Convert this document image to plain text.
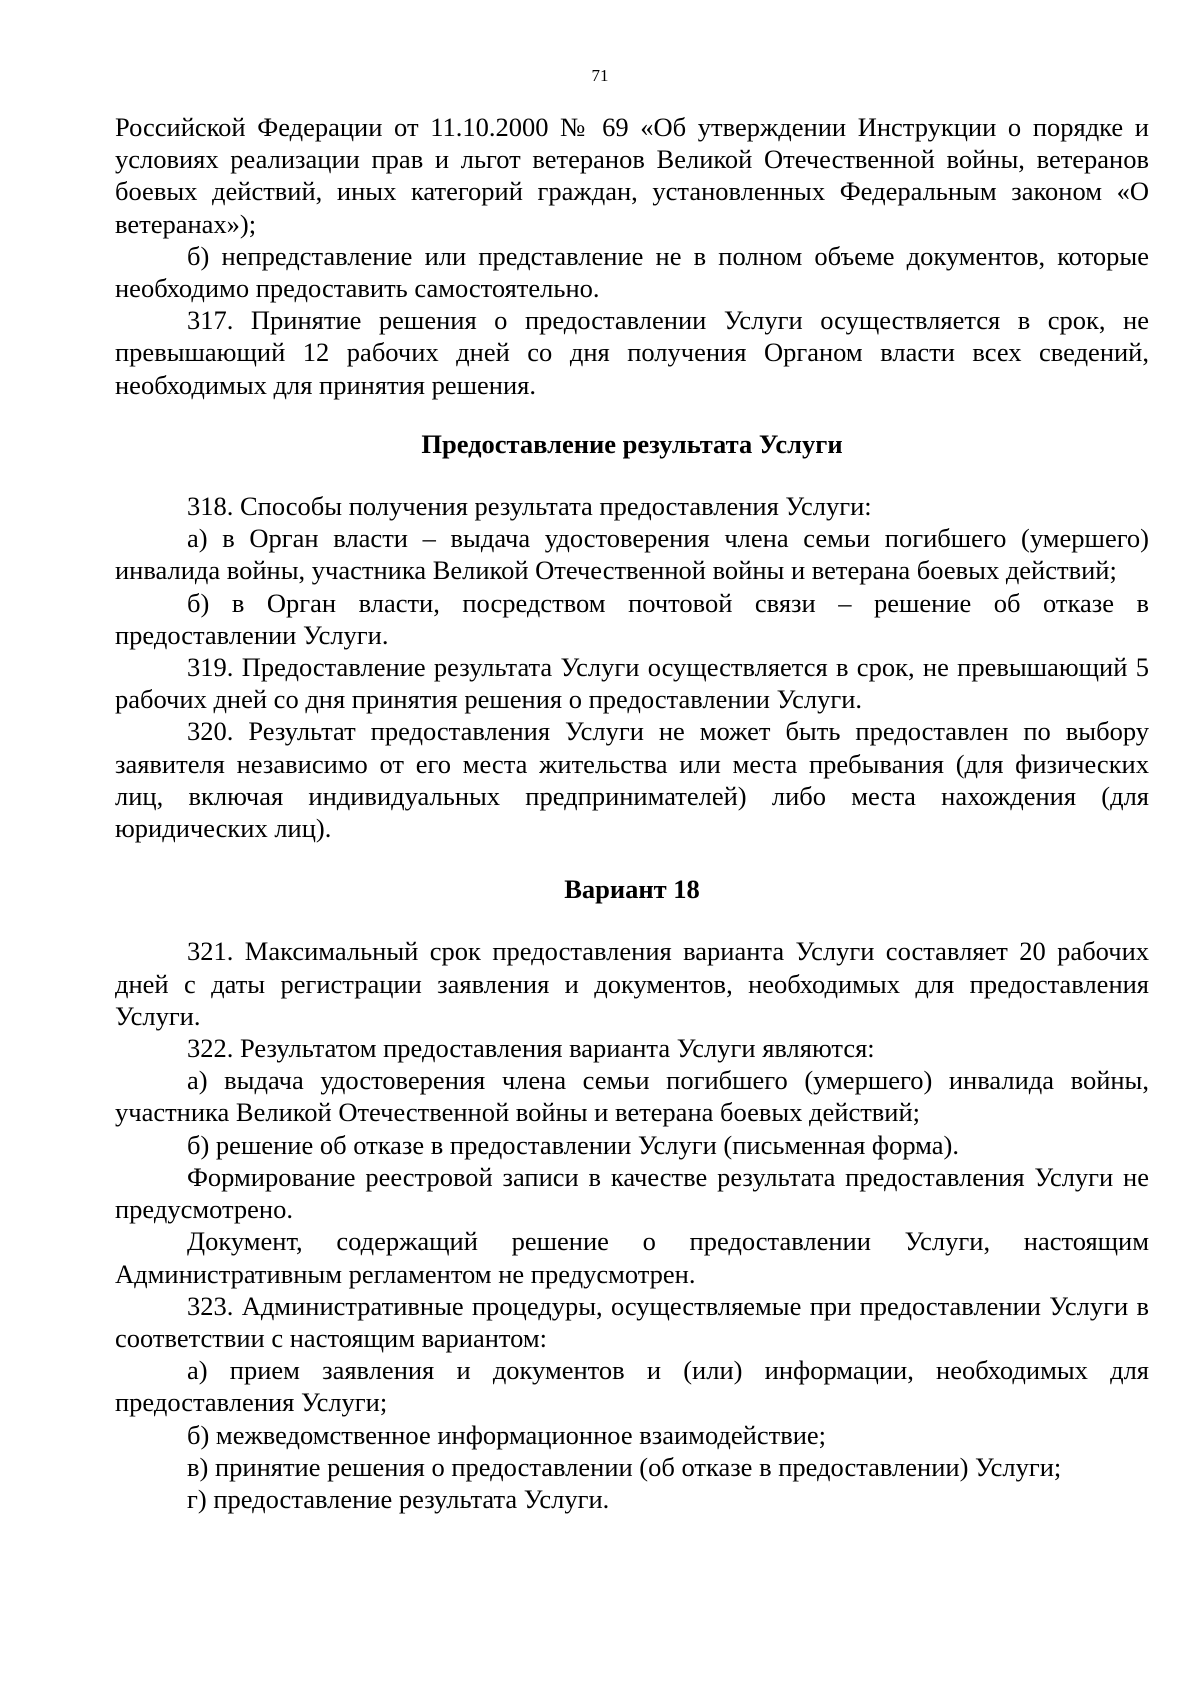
71

Российской Федерации от 11.10.2000 № 69 «Об утверждении Инструкции о порядке и условиях реализации прав и льгот ветеранов Великой Отечественной войны, ветеранов боевых действий, иных категорий граждан, установленных Федеральным законом «О ветеранах»);

б) непредставление или представление не в полном объеме документов, которые необходимо предоставить самостоятельно.

317. Принятие решения о предоставлении Услуги осуществляется в срок, не превышающий 12 рабочих дней со дня получения Органом власти всех сведений, необходимых для принятия решения.

Предоставление результата Услуги

318. Способы получения результата предоставления Услуги:

а) в Орган власти – выдача удостоверения члена семьи погибшего (умершего) инвалида войны, участника Великой Отечественной войны и ветерана боевых действий;

б) в Орган власти, посредством почтовой связи – решение об отказе в предоставлении Услуги.

319. Предоставление результата Услуги осуществляется в срок, не превышающий 5 рабочих дней со дня принятия решения о предоставлении Услуги.

320. Результат предоставления Услуги не может быть предоставлен по выбору заявителя независимо от его места жительства или места пребывания (для физических лиц, включая индивидуальных предпринимателей) либо места нахождения (для юридических лиц).

Вариант 18

321. Максимальный срок предоставления варианта Услуги составляет 20 рабочих дней с даты регистрации заявления и документов, необходимых для предоставления Услуги.

322. Результатом предоставления варианта Услуги являются:

а) выдача удостоверения члена семьи погибшего (умершего) инвалида войны, участника Великой Отечественной войны и ветерана боевых действий;

б) решение об отказе в предоставлении Услуги (письменная форма).

Формирование реестровой записи в качестве результата предоставления Услуги не предусмотрено.

Документ, содержащий решение о предоставлении Услуги, настоящим Административным регламентом не предусмотрен.

323. Административные процедуры, осуществляемые при предоставлении Услуги в соответствии с настоящим вариантом:

а) прием заявления и документов и (или) информации, необходимых для предоставления Услуги;

б) межведомственное информационное взаимодействие;

в) принятие решения о предоставлении (об отказе в предоставлении) Услуги;

г) предоставление результата Услуги.
